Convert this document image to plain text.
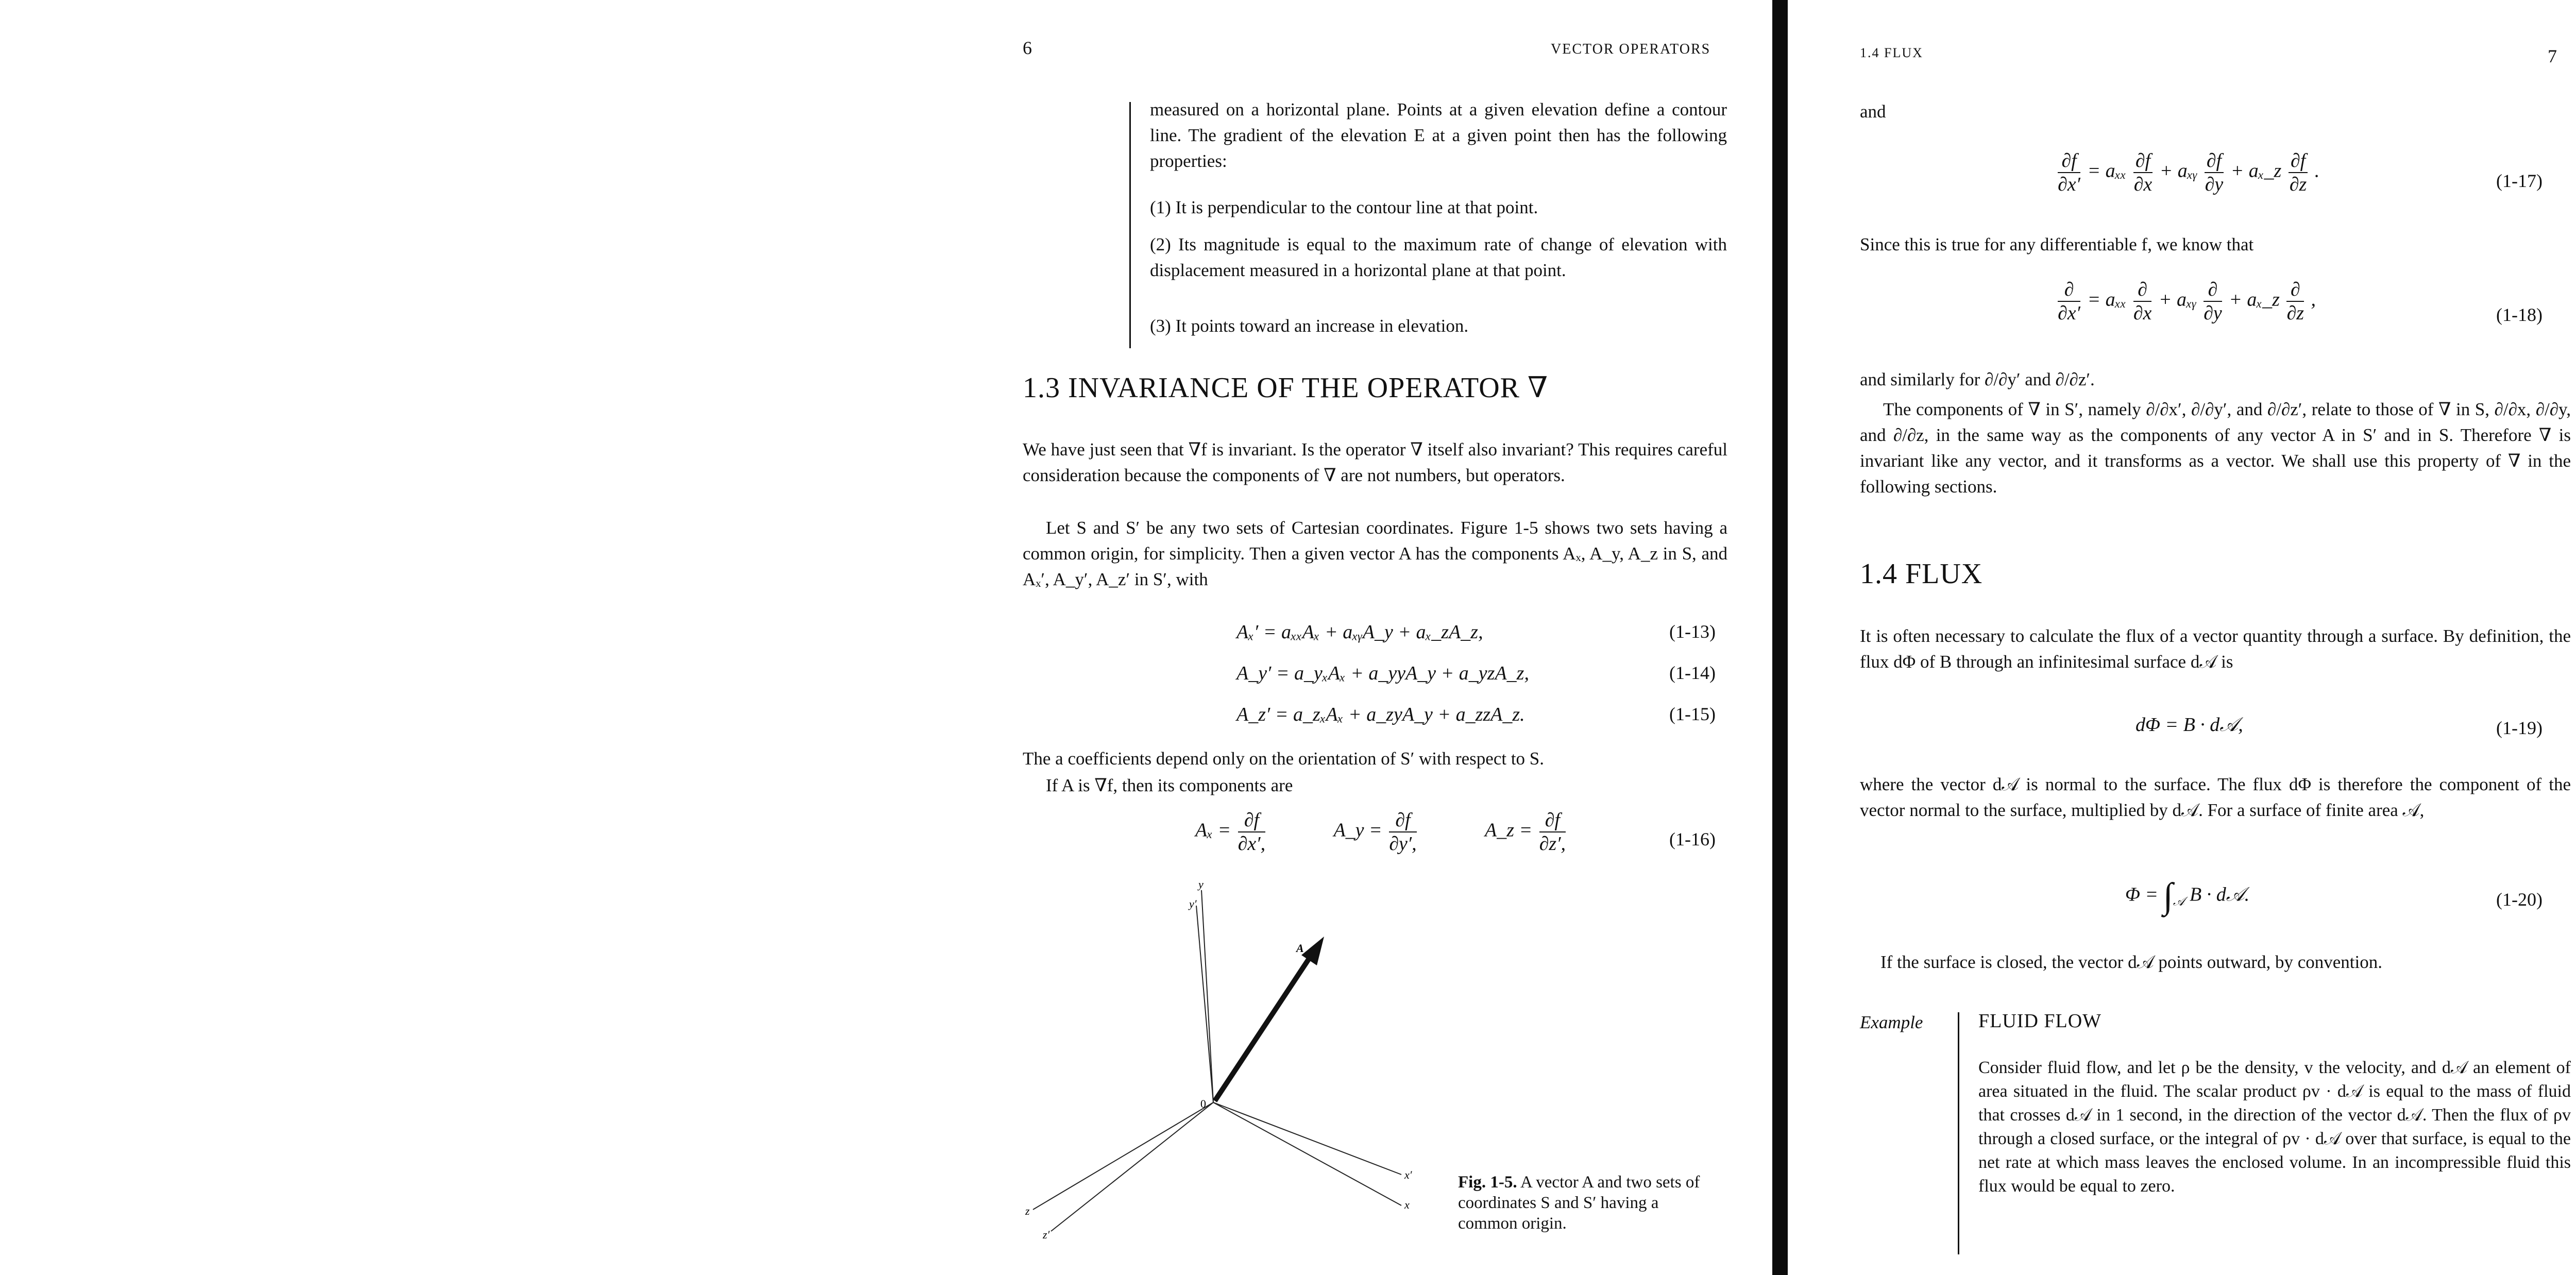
6	VECTOR OPERATORS
measured on a horizontal plane. Points at a given elevation define a contour line. The gradient of the elevation E at a given point then has the following properties:
(1) It is perpendicular to the contour line at that point.
(2) Its magnitude is equal to the maximum rate of change of elevation with displacement measured in a horizontal plane at that point.
(3) It points toward an increase in elevation.
1.3 INVARIANCE OF THE OPERATOR ∇
We have just seen that ∇f is invariant. Is the operator ∇ itself also invariant? This requires careful consideration because the components of ∇ are not numbers, but operators.
Let S and S′ be any two sets of Cartesian coordinates. Figure 1-5 shows two sets having a common origin, for simplicity. Then a given vector A has the components Aₓ, A_y, A_z in S, and Aₓ′, A_y′, A_z′ in S′, with
Aₓ′ = aₓₓAₓ + aₓᵧA_y + aₓ_zA_z,	(1-13)
A_y′ = a_yₓAₓ + a_yyA_y + a_yzA_z,	(1-14)
A_z′ = a_zₓAₓ + a_zyA_y + a_zzA_z.	(1-15)
The a coefficients depend only on the orientation of S′ with respect to S.
If A is ∇f, then its components are
$A_x = \frac{\partial f}{\partial x',}$	A_y = $\frac{\partial f}{\partial y',}$	A_z = $\frac{\partial f}{\partial z',}$	(1-16)
y′
y
0
A
x′
x
z
z′
Fig. 1-5. A vector A and two sets of coordinates S and S′ having a common origin.
1.4 FLUX	7
and
$\frac{\partial f}{\partial x'} = a_{xx} \frac{\partial f}{\partial x}$ + aₓᵧ $\frac{\partial f}{\partial y}$ + aₓ_z $\frac{\partial f}{\partial z}$ .	(1-17)
Since this is true for any differentiable f, we know that
$\frac{\partial}{\partial x'} = a_{xx} \frac{\partial}{\partial x}$ + aₓᵧ $\frac{\partial}{\partial y}$ + aₓ_z $\frac{\partial}{\partial z}$ ,
(1-18)
and similarly for ∂/∂y′ and ∂/∂z′.
The components of ∇ in S′, namely ∂/∂x′, ∂/∂y′, and ∂/∂z′, relate to those of ∇ in S, ∂/∂x, ∂/∂y, and ∂/∂z, in the same way as the components of any vector A in S′ and in S. Therefore ∇ is invariant like any vector, and it transforms as a vector. We shall use this property of ∇ in the following sections.
1.4 FLUX
It is often necessary to calculate the flux of a vector quantity through a surface. By definition, the flux dΦ of B through an infinitesimal surface d𝒜 is
dΦ = B · d𝒜,	(1-19)
where the vector d𝒜 is normal to the surface. The flux dΦ is therefore the component of the vector normal to the surface, multiplied by d𝒜. For a surface of finite area 𝒜,
$\Phi = \int_𝒜$ B · d𝒜.	(1-20)
If the surface is closed, the vector d𝒜 points outward, by convention.
Example	FLUID FLOW
Consider fluid flow, and let ρ be the density, v the velocity, and d𝒜 an element of area situated in the fluid. The scalar product ρv · d𝒜 is equal to the mass of fluid that crosses d𝒜 in 1 second, in the direction of the vector d𝒜. Then the flux of ρv through a closed surface, or the integral of ρv · d𝒜 over that surface, is equal to the net rate at which mass leaves the enclosed volume. In an incompressible fluid this flux would be equal to zero.
